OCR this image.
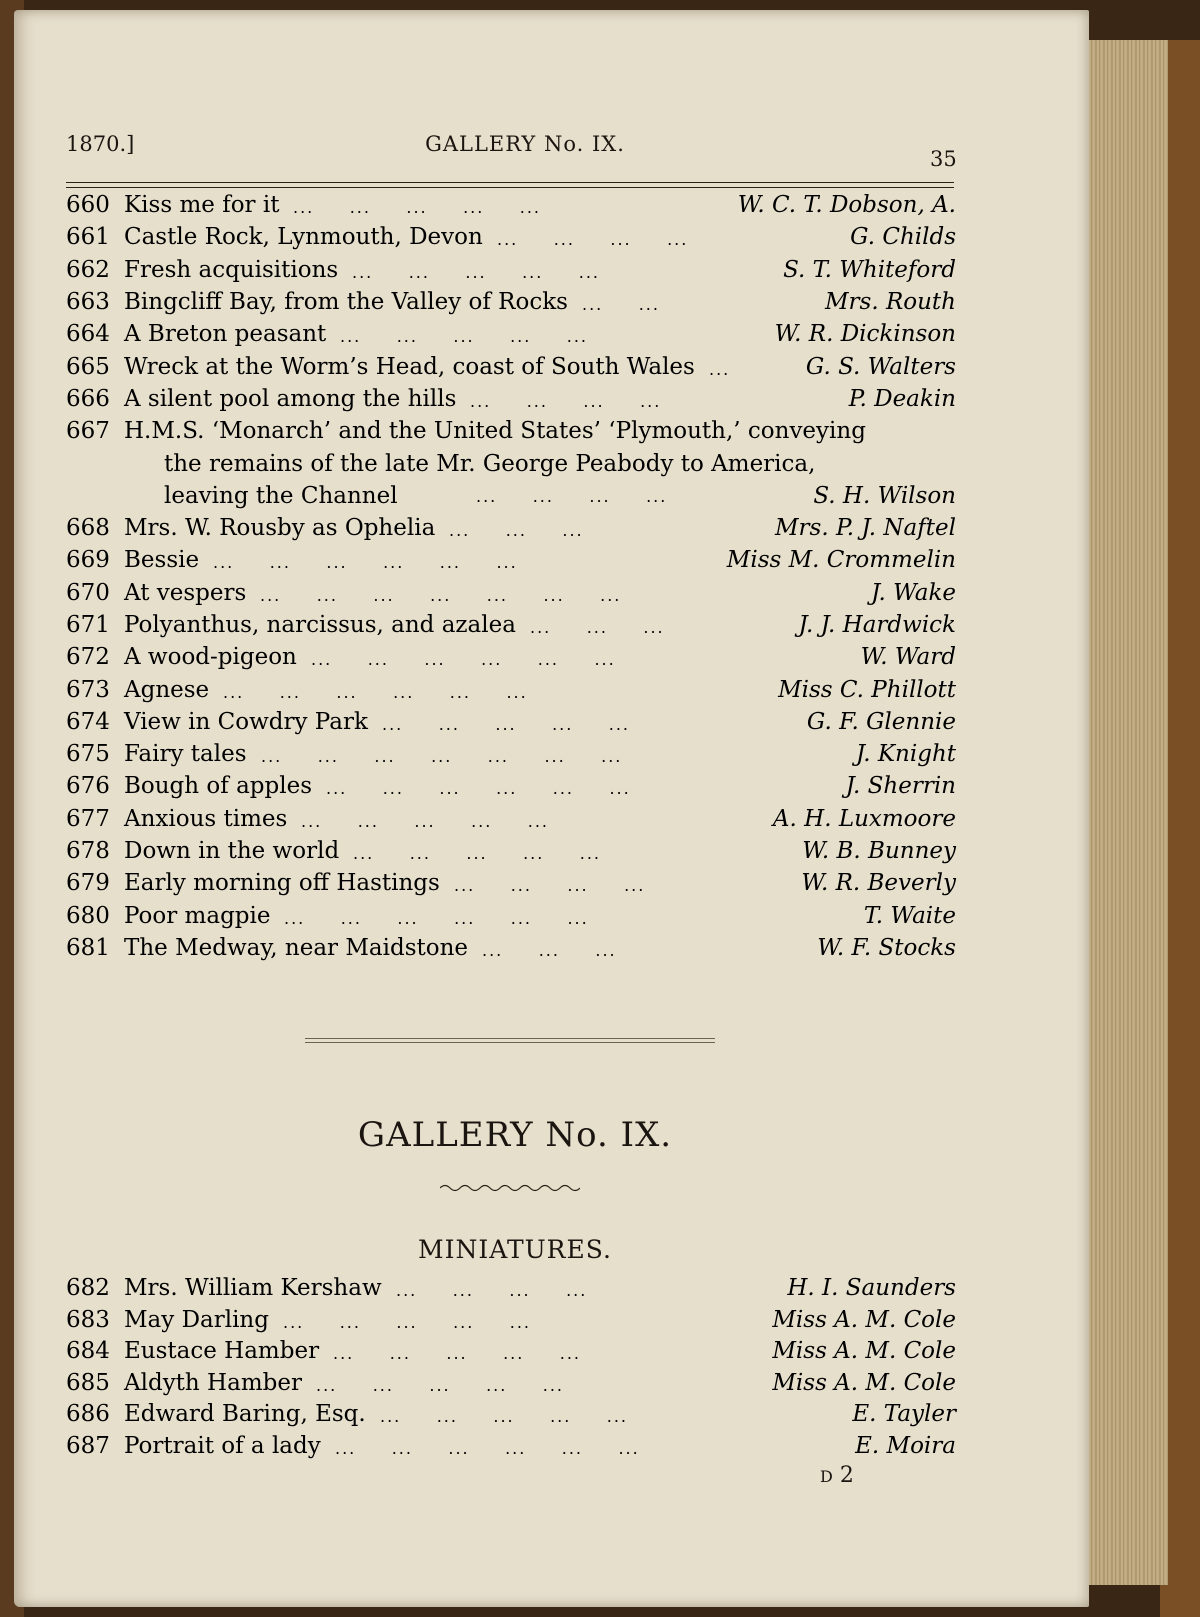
1870.]	GALLERY No. IX.
35
660 Kiss me for it ...     ...     ...     ...     ...	W. C. T. Dobson, A.
661 Castle Rock, Lynmouth, Devon ...     ...     ...     ...	G. Childs
662 Fresh acquisitions ...     ...     ...     ...     ...	S. T. Whiteford
663 Bingcliff Bay, from the Valley of Rocks ...     ...	Mrs. Routh
664 A Breton peasant ...     ...     ...     ...     ...	W. R. Dickinson
665 Wreck at the Worm’s Head, coast of South Wales ...	G. S. Walters
666 A silent pool among the hills ...     ...     ...     ...	P. Deakin
667 H.M.S. ‘Monarch’ and the United States’ ‘Plymouth,’ conveying
the remains of the late Mr. George Peabody to America,
leaving the Channel	...     ...     ...     ...	S. H. Wilson
668 Mrs. W. Rousby as Ophelia ...     ...     ...	Mrs. P. J. Naftel
669 Bessie ...     ...     ...     ...     ...     ...	Miss M. Crommelin
670 At vespers ...     ...     ...     ...     ...     ...     ...	J. Wake
671 Polyanthus, narcissus, and azalea ...     ...     ...	J. J. Hardwick
672 A wood-pigeon ...     ...     ...     ...     ...     ...	W. Ward
673 Agnese ...     ...     ...     ...     ...     ...	Miss C. Phillott
674 View in Cowdry Park ...     ...     ...     ...     ...	G. F. Glennie
675 Fairy tales ...     ...     ...     ...     ...     ...     ...	J. Knight
676 Bough of apples ...     ...     ...     ...     ...     ...	J. Sherrin
677 Anxious times ...     ...     ...     ...     ...	A. H. Luxmoore
678 Down in the world ...     ...     ...     ...     ...	W. B. Bunney
679 Early morning off Hastings ...     ...     ...     ...	W. R. Beverly
680 Poor magpie ...     ...     ...     ...     ...     ...	T. Waite
681 The Medway, near Maidstone ...     ...     ...	W. F. Stocks
GALLERY No. IX.
MINIATURES.
682 Mrs. William Kershaw ...     ...     ...     ...	H. I. Saunders
683 May Darling ...     ...     ...     ...     ...	Miss A. M. Cole
684 Eustace Hamber ...     ...     ...     ...     ...	Miss A. M. Cole
685 Aldyth Hamber ...     ...     ...     ...     ...	Miss A. M. Cole
686 Edward Baring, Esq. ...     ...     ...     ...     ...	E. Tayler
687 Portrait of a lady ...     ...     ...     ...     ...     ...	E. Moira
D 2
